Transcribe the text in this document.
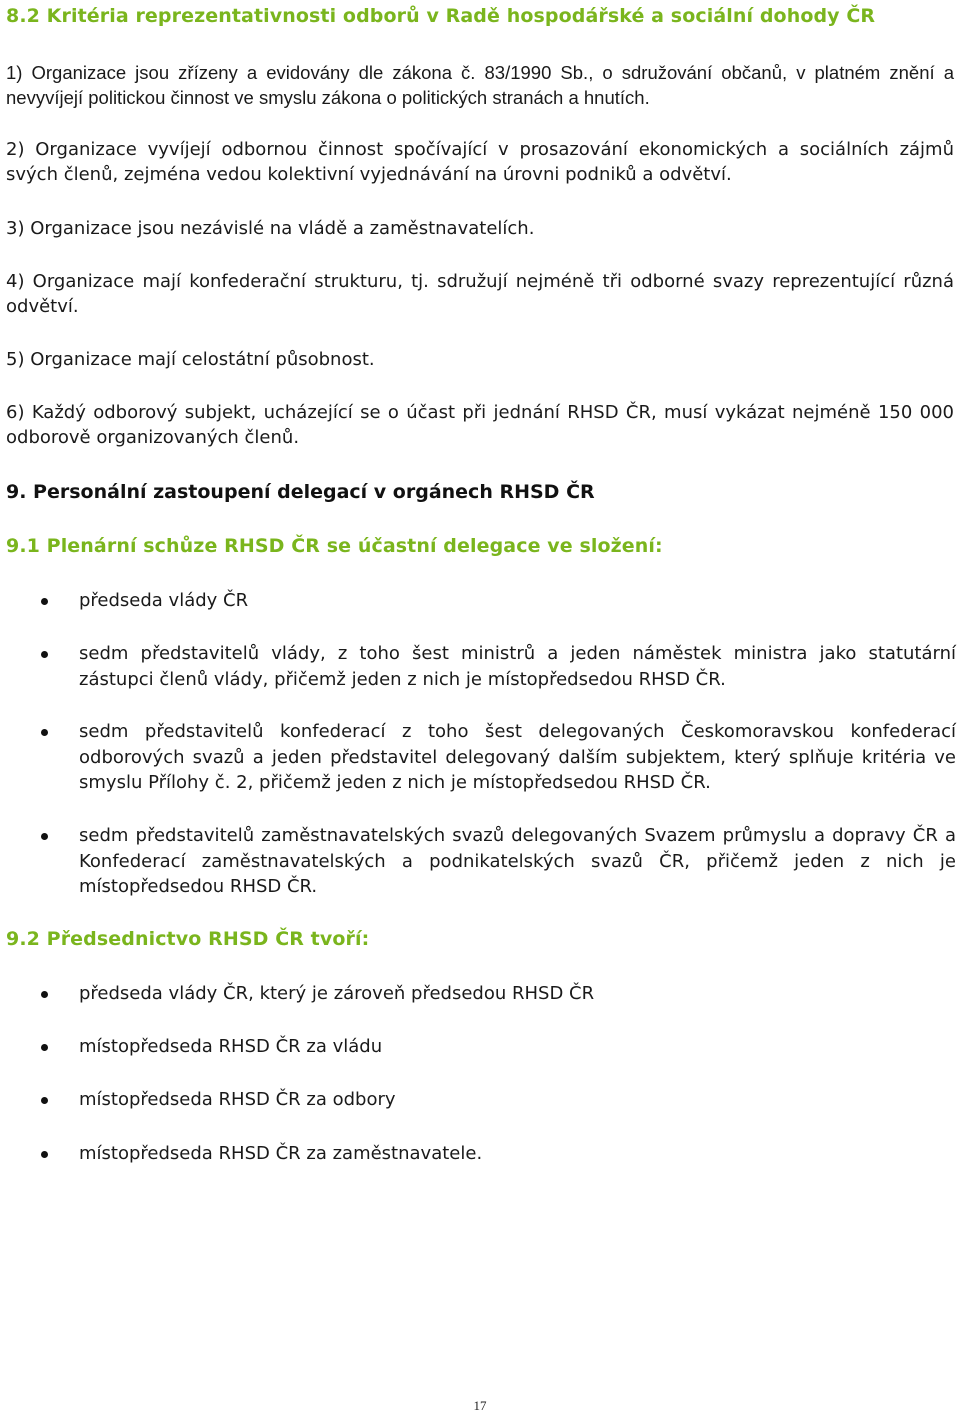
8.2 Kritéria reprezentativnosti odborů v Radě hospodářské a sociální dohody ČR
1) Organizace jsou zřízeny a evidovány dle zákona č. 83/1990 Sb., o sdružování občanů, v platném znění a nevyvíjejí politickou činnost ve smyslu zákona o politických stranách a hnutích.
2) Organizace vyvíjejí odbornou činnost spočívající v prosazování ekonomických a sociálních zájmů svých členů, zejména vedou kolektivní vyjednávání na úrovni podniků a odvětví.
3) Organizace jsou nezávislé na vládě a zaměstnavatelích.
4) Organizace mají konfederační strukturu, tj. sdružují nejméně tři odborné svazy reprezentující různá odvětví.
5) Organizace mají celostátní působnost.
6) Každý odborový subjekt, ucházející se o účast při jednání RHSD ČR, musí vykázat nejméně 150 000 odborově organizovaných členů.
9. Personální zastoupení delegací v orgánech RHSD ČR
9.1 Plenární schůze RHSD ČR se účastní delegace ve složení:
předseda vlády ČR
sedm představitelů vlády, z toho šest ministrů a jeden náměstek ministra jako statutární zástupci členů vlády, přičemž jeden z nich je místopředsedou RHSD ČR.
sedm představitelů konfederací z toho šest delegovaných Českomoravskou konfederací odborových svazů a jeden představitel delegovaný dalším subjektem, který splňuje kritéria ve smyslu Přílohy č. 2, přičemž jeden z nich je místopředsedou RHSD ČR.
sedm představitelů zaměstnavatelských svazů delegovaných Svazem průmyslu a dopravy ČR a Konfederací zaměstnavatelských a podnikatelských svazů ČR, přičemž jeden z nich je místopředsedou RHSD ČR.
9.2 Předsednictvo RHSD ČR tvoří:
předseda vlády ČR, který je zároveň předsedou RHSD ČR
místopředseda RHSD ČR za vládu
místopředseda RHSD ČR za odbory
místopředseda RHSD ČR za zaměstnavatele.
17
